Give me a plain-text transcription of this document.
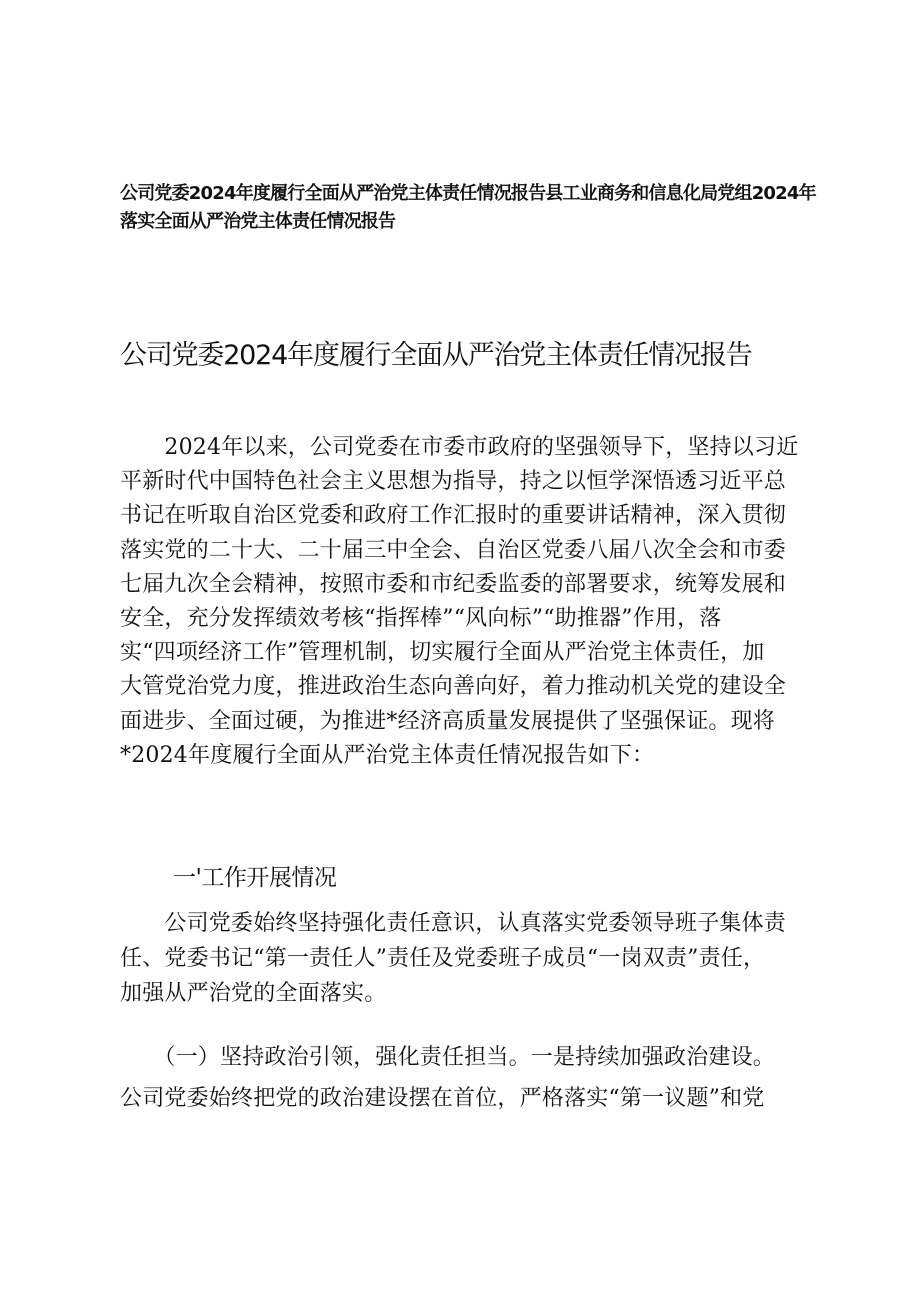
公司党委2024年度履行全面从严治党主体责任情况报告县工业商务和信息化局党组2024年
落实全面从严治党主体责任情况报告
公司党委2024年度履行全面从严治党主体责任情况报告
　　2024年以来，公司党委在市委市政府的坚强领导下，坚持以习近
平新时代中国特色社会主义思想为指导，持之以恒学深悟透习近平总
书记在听取自治区党委和政府工作汇报时的重要讲话精神，深入贯彻
落实党的二十大、二十届三中全会、自治区党委八届八次全会和市委
七届九次全会精神，按照市委和市纪委监委的部署要求，统筹发展和
安全，充分发挥绩效考核“指挥棒”“风向标”“助推器”作用，落
实“四项经济工作”管理机制，切实履行全面从严治党主体责任，加
大管党治党力度，推进政治生态向善向好，着力推动机关党的建设全
面进步、全面过硬，为推进*经济高质量发展提供了坚强保证。现将
*2024年度履行全面从严治党主体责任情况报告如下：
一'工作开展情况
　　公司党委始终坚持强化责任意识，认真落实党委领导班子集体责
任、党委书记“第一责任人”责任及党委班子成员“一岗双责”责任，
加强从严治党的全面落实。
　　（一）坚持政治引领，强化责任担当。一是持续加强政治建设。
公司党委始终把党的政治建设摆在首位，严格落实“第一议题”和党
